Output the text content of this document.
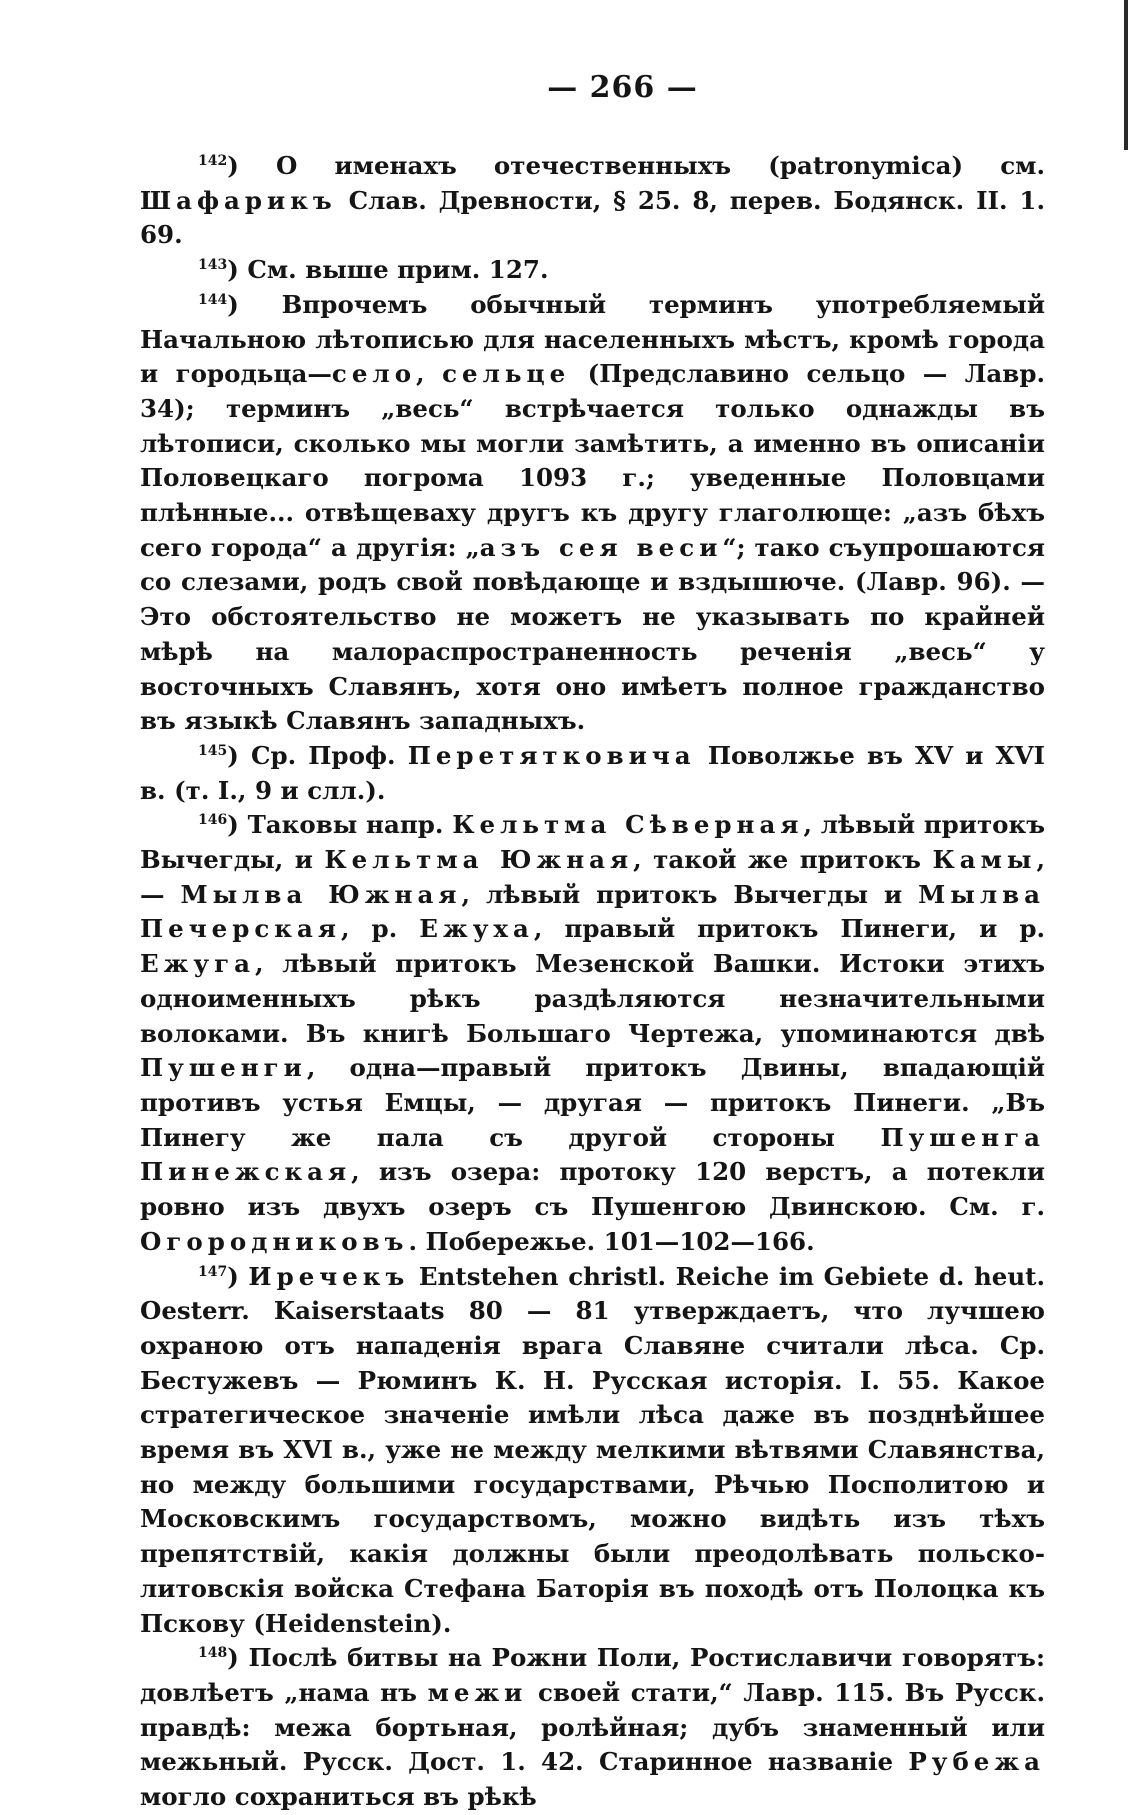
— 266 —

$^{142}$) О именахъ отечественныхъ (patronymica) см. Шафарикъ Слав. Древности, § 25. 8, перев. Бодянск. II. 1. 69.

$^{143}$) См. выше прим. 127.

$^{144}$) Впрочемъ обычный терминъ употребляемый Начальною лѣтописью для населенныхъ мѣстъ, кромѣ города и городьца—село, сельце (Предславино сельцо — Лавр. 34); терминъ „весь“ встрѣчается только однажды въ лѣтописи, сколько мы могли замѣтить, а именно въ описаніи Половецкаго погрома 1093 г.; уведенные Половцами плѣнные... отвѣщеваху другъ къ другу глаголюще: „азъ бѣхъ сего города“ а другія: „азъ сея веси“; тако съупрошаются со слезами, родъ свой повѣдающе и вздышюче. (Лавр. 96). — Это обстоятельство не можетъ не указывать по крайней мѣрѣ на малораспространенность реченія „весь“ у восточныхъ Славянъ, хотя оно имѣетъ полное гражданство въ языкѣ Славянъ западныхъ.

$^{145}$) Ср. Проф. Перетятковича Поволжье въ XV и XVI в. (т. I., 9 и слл.).

$^{146}$) Таковы напр. Кельтма Сѣверная, лѣвый притокъ Вычегды, и Кельтма Южная, такой же притокъ Камы, — Мылва Южная, лѣвый притокъ Вычегды и Мылва Печерская, р. Ежуха, правый притокъ Пинеги, и р. Ежуга, лѣвый притокъ Мезенской Вашки. Истоки этихъ одноименныхъ рѣкъ раздѣляются незначительными волоками. Въ книгѣ Большаго Чертежа, упоминаются двѣ Пушенги, одна—правый притокъ Двины, впадающій противъ устья Емцы, — другая — притокъ Пинеги. „Въ Пинегу же пала съ другой стороны Пушенга Пинежская, изъ озера: протоку 120 верстъ, а потекли ровно изъ двухъ озеръ съ Пушенгою Двинскою. См. г. Огородниковъ. Побережье. 101—102—166.

$^{147}$) Иречекъ Entstehen christl. Reiche im Gebiete d. heut. Oesterr. Kaiserstaats 80 — 81 утверждаетъ, что лучшею охраною отъ нападенія врага Славяне считали лѣса. Ср. Бестужевъ — Рюминъ К. Н. Русская исторія. I. 55. Какое стратегическое значеніе имѣли лѣса даже въ позднѣйшее время въ XVI в., уже не между мелкими вѣтвями Славянства, но между большими государствами, Рѣчью Посполитою и Московскимъ государствомъ, можно видѣть изъ тѣхъ препятствій, какія должны были преодолѣвать польско-литовскія войска Стефана Баторія въ походѣ отъ Полоцка къ Пскову (Heidenstein).

$^{148}$) Послѣ битвы на Рожни Поли, Ростиславичи говорятъ: довлѣетъ „нама нъ межи своей стати,“ Лавр. 115. Въ Русск. правдѣ: межа бортьная, ролѣйная; дубъ знаменный или межьный. Русск. Дост. 1. 42. Старинное названіе Рубежа могло сохраниться въ рѣкѣ
